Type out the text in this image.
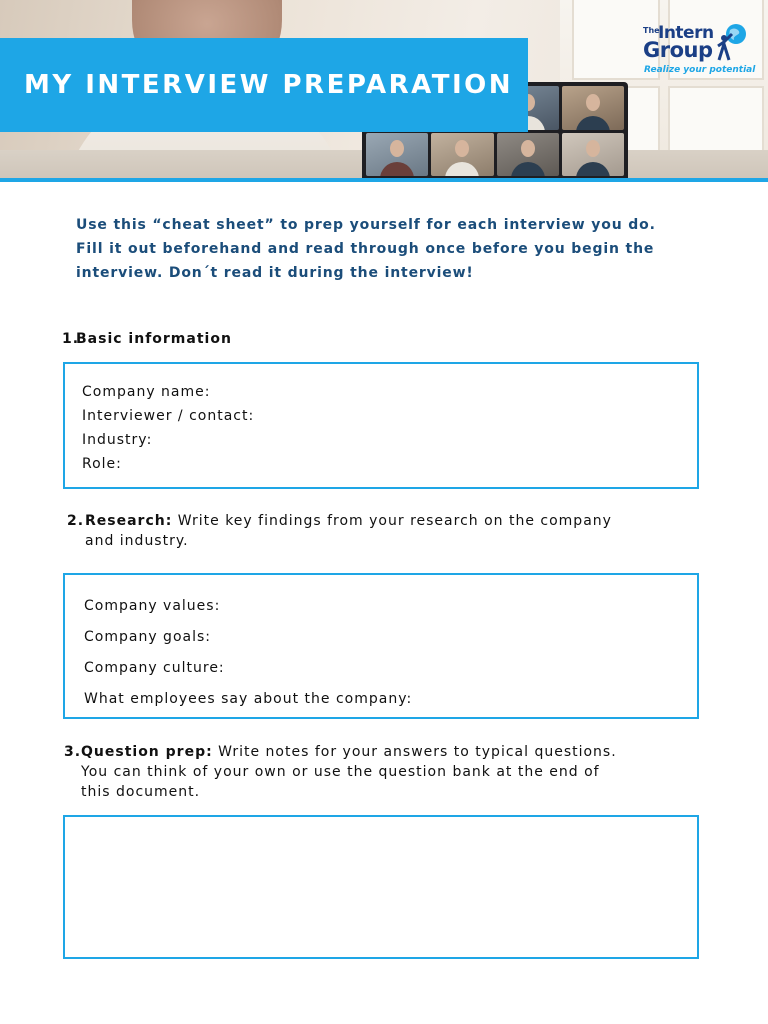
MY INTERVIEW PREPARATION
The
Intern
Group
Realize your potential
Use this “cheat sheet” to prep yourself for each interview you do.
Fill it out beforehand and read through once before you begin the
interview. Don´t read it during the interview!
1.
Basic information
Company name:
Interviewer / contact:
Industry:
Role:
2. Research: Write key findings from your research on the company
and industry.
Company values:
Company goals:
Company culture:
What employees say about the company:
3. Question prep: Write notes for your answers to typical questions.
You can think of your own or use the question bank at the end of
this document.
